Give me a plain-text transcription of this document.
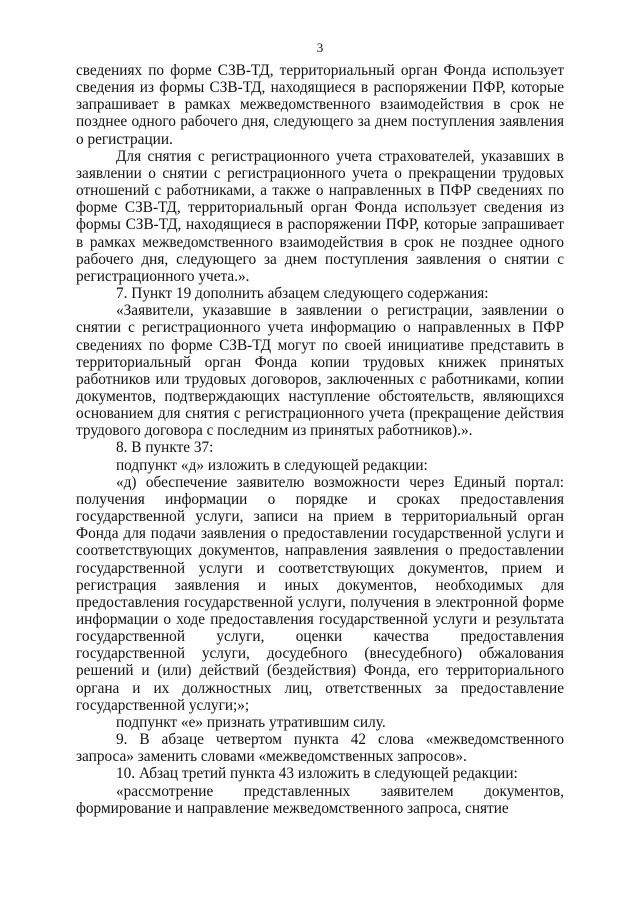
3

сведениях по форме СЗВ-ТД, территориальный орган Фонда использует сведения из формы СЗВ-ТД, находящиеся в распоряжении ПФР, которые запрашивает в рамках межведомственного взаимодействия в срок не позднее одного рабочего дня, следующего за днем поступления заявления о регистрации.

Для снятия с регистрационного учета страхователей, указавших в заявлении о снятии с регистрационного учета о прекращении трудовых отношений с работниками, а также о направленных в ПФР сведениях по форме СЗВ-ТД, территориальный орган Фонда использует сведения из формы СЗВ-ТД, находящиеся в распоряжении ПФР, которые запрашивает в рамках межведомственного взаимодействия в срок не позднее одного рабочего дня, следующего за днем поступления заявления о снятии с регистрационного учета.».

7. Пункт 19 дополнить абзацем следующего содержания:

«Заявители, указавшие в заявлении о регистрации, заявлении о снятии с регистрационного учета информацию о направленных в ПФР сведениях по форме СЗВ-ТД могут по своей инициативе представить в территориальный орган Фонда копии трудовых книжек принятых работников или трудовых договоров, заключенных с работниками, копии документов, подтверждающих наступление обстоятельств, являющихся основанием для снятия с регистрационного учета (прекращение действия трудового договора с последним из принятых работников).».

8. В пункте 37:

подпункт «д» изложить в следующей редакции:

«д) обеспечение заявителю возможности через Единый портал: получения информации о порядке и сроках предоставления государственной услуги, записи на прием в территориальный орган Фонда для подачи заявления о предоставлении государственной услуги и соответствующих документов, направления заявления о предоставлении государственной услуги и соответствующих документов, прием и регистрация заявления и иных документов, необходимых для предоставления государственной услуги, получения в электронной форме информации о ходе предоставления государственной услуги и результата государственной услуги, оценки качества предоставления государственной услуги, досудебного (внесудебного) обжалования решений и (или) действий (бездействия) Фонда, его территориального органа и их должностных лиц, ответственных за предоставление государственной услуги;»;

подпункт «е» признать утратившим силу.

9. В абзаце четвертом пункта 42 слова «межведомственного запроса» заменить словами «межведомственных запросов».

10. Абзац третий пункта 43 изложить в следующей редакции:

«рассмотрение представленных заявителем документов, формирование и направление межведомственного запроса, снятие
